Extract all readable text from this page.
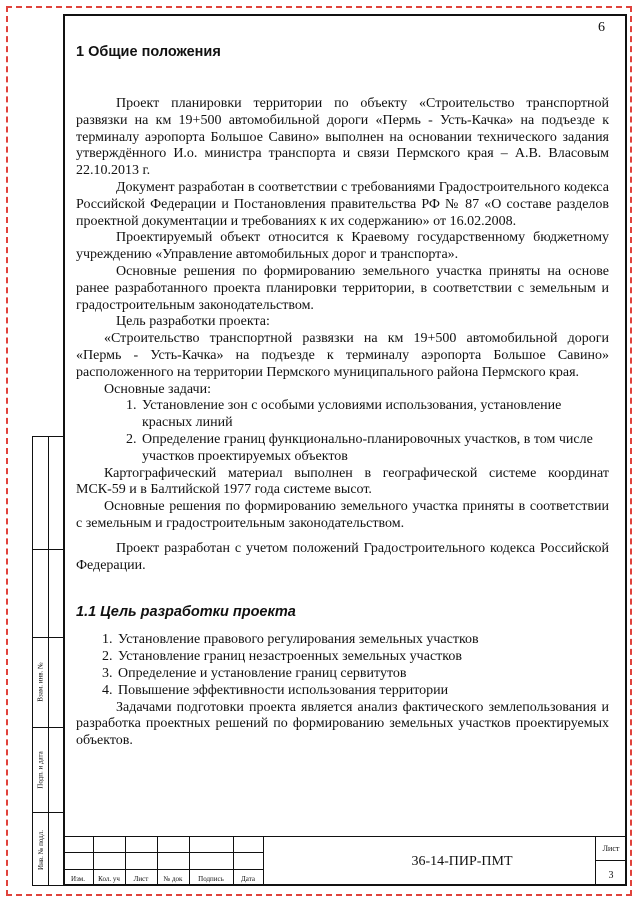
6
Взам. инв. №
Подп. и дата
Инв. № подл.
1 Общие положения

Проект планировки территории по объекту «Строительство транспортной развязки на км 19+500 автомобильной дороги «Пермь - Усть-Качка» на подъезде к терминалу аэропорта Большое Савино» выполнен на основании технического задания утверждённого И.о. министра транспорта и связи Пермского края – А.В. Власовым 22.10.2013 г.

Документ разработан в соответствии с требованиями Градостроительного кодекса Российской Федерации и Постановления правительства РФ № 87 «О составе разделов проектной документации и требованиях к их содержанию» от 16.02.2008.

Проектируемый объект относится к Краевому государственному бюджетному учреждению «Управление автомобильных дорог и транспорта».

Основные решения по формированию земельного участка приняты на основе ранее разработанного проекта планировки территории, в соответствии с земельным и градостроительным законодательством.

Цель разработки проекта:

«Строительство транспортной развязки на км 19+500 автомобильной дороги «Пермь - Усть-Качка» на подъезде к терминалу аэропорта Большое Савино» расположенного на территории Пермского муниципального района Пермского края.

Основные задачи:

1. Установление зон с особыми условиями использования, установление красных линий
2. Определение границ функционально-планировочных участков, в том числе участков проектируемых объектов

Картографический материал выполнен в географической системе координат МСК-59 и в Балтийской 1977 года системе высот.

Основные решения по формированию земельного участка приняты в соответствии с земельным и градостроительным законодательством.

Проект разработан с учетом положений Градостроительного кодекса Российской Федерации.

1.1 Цель разработки проекта
1. Установление правового регулирования земельных участков
2. Установление границ незастроенных земельных участков
3. Определение и установление границ сервитутов
4. Повышение эффективности использования территории

Задачами подготовки проекта является анализ фактического землепользования и разработка проектных решений по формированию земельных участков проектируемых объектов.

Изм.	Кол. уч	Лист	№ док	Подпись	Дата
36-14-ПИР-ПМТ
Лист
3
